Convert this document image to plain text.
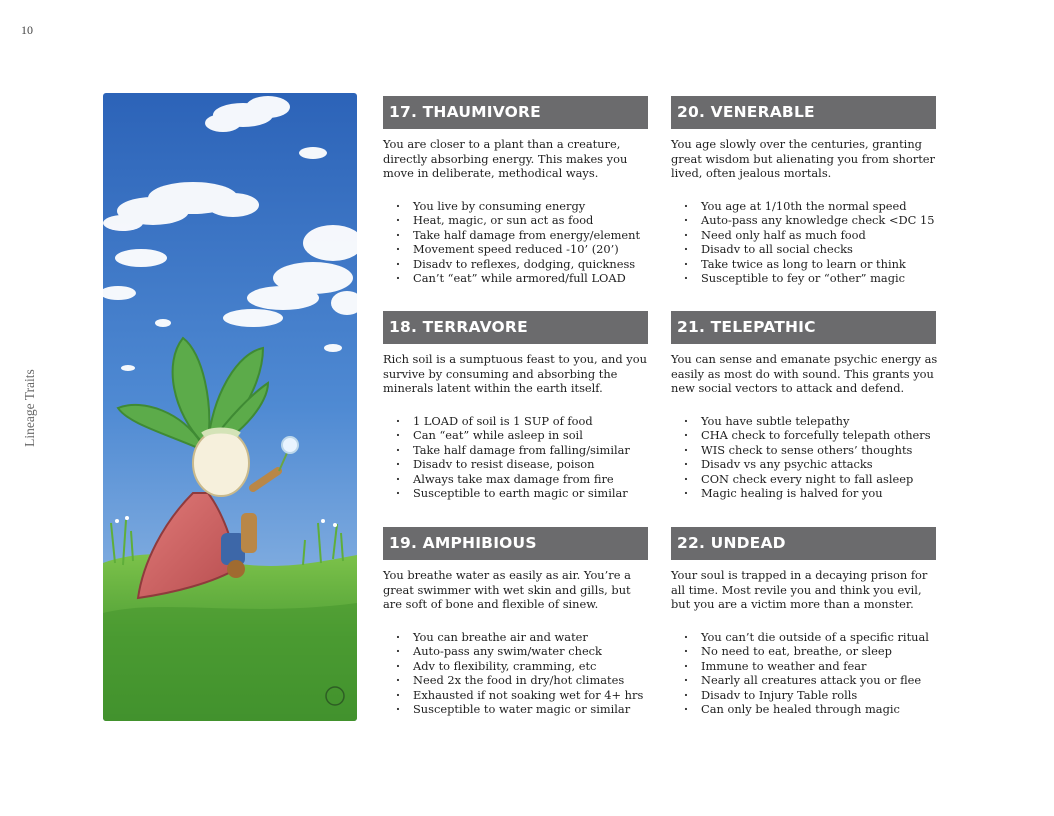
10
Lineage Traits
17. THAUMIVORE

You are closer to a plant than a creature, directly absorbing energy. This makes you move in deliberate, methodical ways.

· You live by consuming energy
· Heat, magic, or sun act as food
· Take half damage from energy/element
· Movement speed reduced -10’ (20’)
· Disadv to reflexes, dodging, quickness
· Can’t “eat” while armored/full LOAD
20. VENERABLE

You age slowly over the centuries, granting great wisdom but alienating you from shorter lived, often jealous mortals.

· You age at 1/10th the normal speed
· Auto-pass any knowledge check <DC 15
· Need only half as much food
· Disadv to all social checks
· Take twice as long to learn or think
· Susceptible to fey or “other” magic
18. TERRAVORE

Rich soil is a sumptuous feast to you, and you survive by consuming and absorbing the minerals latent within the earth itself.

· 1 LOAD of soil is 1 SUP of food
· Can “eat” while asleep in soil
· Take half damage from falling/similar
· Disadv to resist disease, poison
· Always take max damage from fire
· Susceptible to earth magic or similar
21. TELEPATHIC

You can sense and emanate psychic energy as easily as most do with sound. This grants you new social vectors to attack and defend.

· You have subtle telepathy
· CHA check to forcefully telepath others
· WIS check to sense others’ thoughts
· Disadv vs any psychic attacks
· CON check every night to fall asleep
· Magic healing is halved for you
19. AMPHIBIOUS

You breathe water as easily as air. You’re a great swimmer with wet skin and gills, but are soft of bone and flexible of sinew.

· You can breathe air and water
· Auto-pass any swim/water check
· Adv to flexibility, cramming, etc
· Need 2x the food in dry/hot climates
· Exhausted if not soaking wet for 4+ hrs
· Susceptible to water magic or similar
22. UNDEAD

Your soul is trapped in a decaying prison for all time. Most revile you and think you evil, but you are a victim more than a monster.

· You can’t die outside of a specific ritual
· No need to eat, breathe, or sleep
· Immune to weather and fear
· Nearly all creatures attack you or flee
· Disadv to Injury Table rolls
· Can only be healed through magic
